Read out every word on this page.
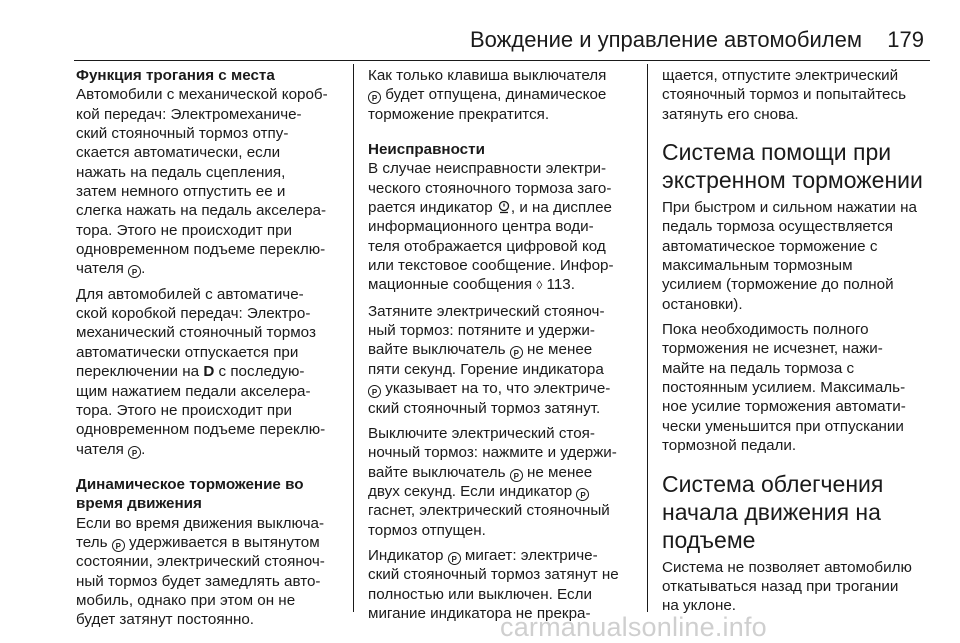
Вождение и управление автомобилем 179
Функция трогания с места
Автомобили с механической короб-
кой передач: Электромеханиче-
ский стояночный тормоз отпу-
скается автоматически, если
нажать на педаль сцепления,
затем немного отпустить ее и
слегка нажать на педаль акселера-
тора. Этого не происходит при
одновременном подъеме переклю-
чателя P .
Для автомобилей с автоматиче-
ской коробкой передач: Электро-
механический стояночный тормоз
автоматически отпускается при
переключении на D с последую-
щим нажатием педали акселера-
тора. Этого не происходит при
одновременном подъеме переклю-
чателя P .
Динамическое торможение во
время движения
Если во время движения выключа-
тель P удерживается в вытянутом
состоянии, электрический стояноч-
ный тормоз будет замедлять авто-
мобиль, однако при этом он не
будет затянут постоянно.
Как только клавиша выключателя
P будет отпущена, динамическое
торможение прекратится.
Неисправности
В случае неисправности электри-
ческого стояночного тормоза заго-
рается индикатор , и на дисплее
информационного центра води-
теля отображается цифровой код
или текстовое сообщение. Инфор-
мационные сообщения ◊ 113.
Затяните электрический стояноч-
ный тормоз: потяните и удержи-
вайте выключатель P не менее
пяти секунд. Горение индикатора
P указывает на то, что электриче-
ский стояночный тормоз затянут.
Выключите электрический стоя-
ночный тормоз: нажмите и удержи-
вайте выключатель P не менее
двух секунд. Если индикатор P
гаснет, электрический стояночный
тормоз отпущен.
Индикатор P мигает: электриче-
ский стояночный тормоз затянут не
полностью или выключен. Если
мигание индикатора не прекра-
щается, отпустите электрический
стояночный тормоз и попытайтесь
затянуть его снова.
Система помощи при
экстренном торможении
При быстром и сильном нажатии на
педаль тормоза осуществляется
автоматическое торможение с
максимальным тормозным
усилием (торможение до полной
остановки).
Пока необходимость полного
торможения не исчезнет, нажи-
майте на педаль тормоза с
постоянным усилием. Максималь-
ное усилие торможения автомати-
чески уменьшится при отпускании
тормозной педали.
Система облегчения
начала движения на
подъеме
Система не позволяет автомобилю
откатываться назад при трогании
на уклоне.
carmanualsonline.info
